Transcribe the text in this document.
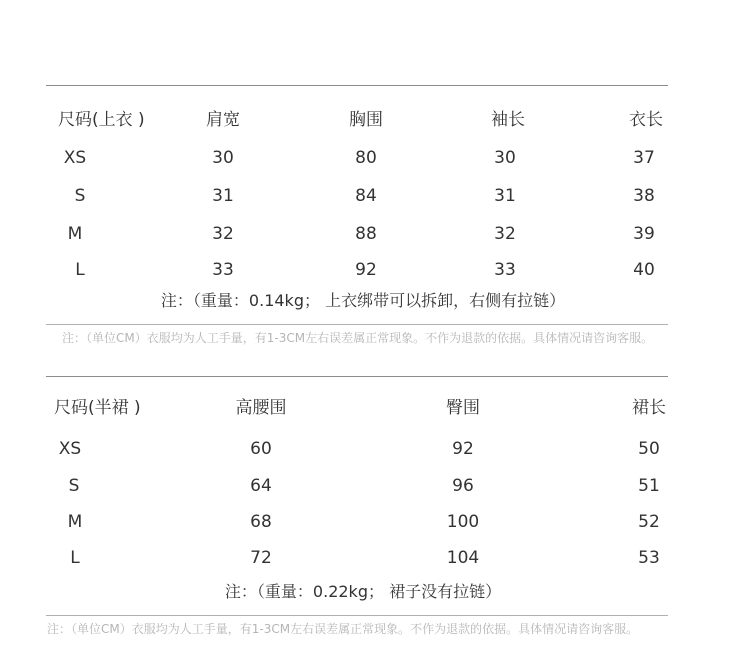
尺码(上衣 )	肩宽	胸围	袖长	衣长
XS	30	80	30	37
S	31	84	31	38
M	32	88	32	39
L	33	92	33	40
注：（重量：0.14kg； 上衣绑带可以拆卸，右侧有拉链）
注：（单位CM）衣服均为人工手量，有1-3CM左右误差属正常现象。不作为退款的依据。具体情况请咨询客服。
尺码(半裙 )	高腰围	臀围	裙长
XS	60	92	50
S	64	96	51
M	68	100	52
L	72	104	53
注：（重量：0.22kg； 裙子没有拉链）
注：（单位CM）衣服均为人工手量，有1-3CM左右误差属正常现象。不作为退款的依据。具体情况请咨询客服。
